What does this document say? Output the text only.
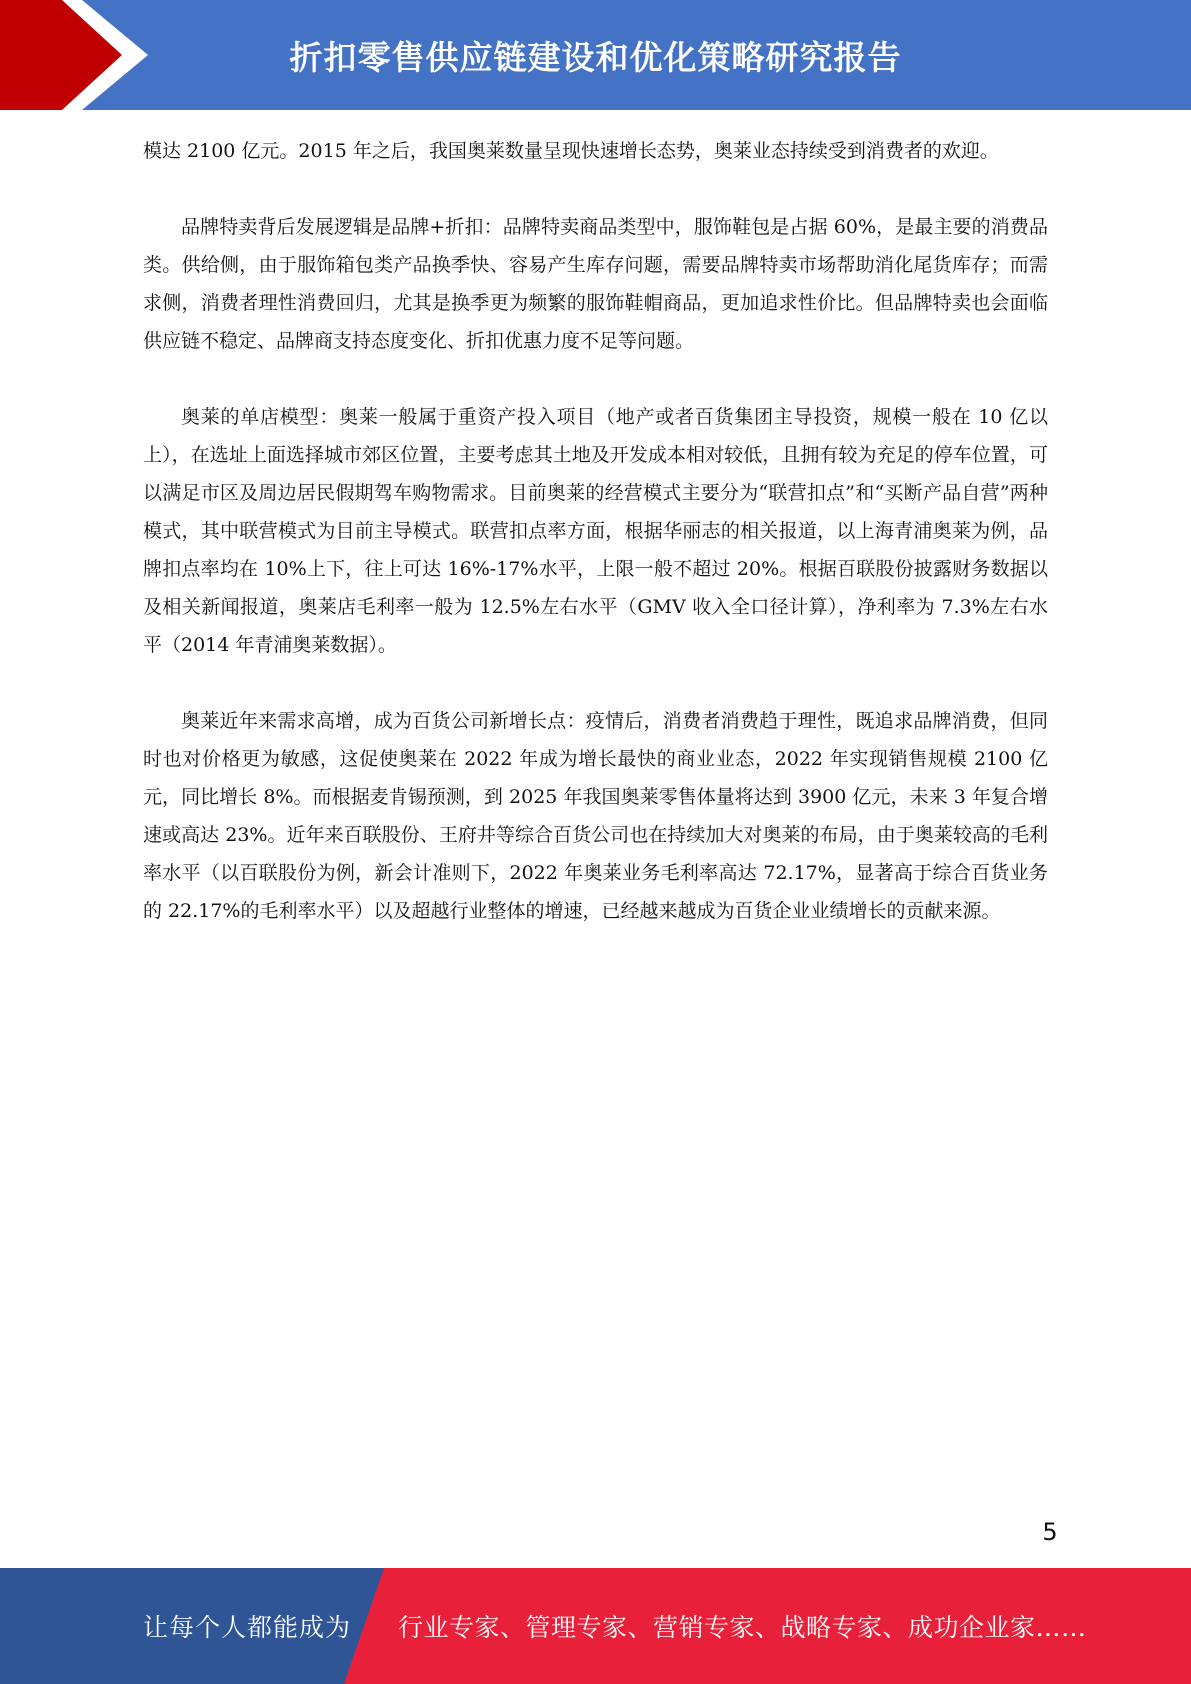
折扣零售供应链建设和优化策略研究报告

模达 2100 亿元。2015 年之后，我国奥莱数量呈现快速增长态势，奥莱业态持续受到消费者的欢迎。

品牌特卖背后发展逻辑是品牌+折扣：品牌特卖商品类型中，服饰鞋包是占据 60%，是最主要的消费品类。供给侧，由于服饰箱包类产品换季快、容易产生库存问题，需要品牌特卖市场帮助消化尾货库存；而需求侧，消费者理性消费回归，尤其是换季更为频繁的服饰鞋帽商品，更加追求性价比。但品牌特卖也会面临供应链不稳定、品牌商支持态度变化、折扣优惠力度不足等问题。

奥莱的单店模型：奥莱一般属于重资产投入项目（地产或者百货集团主导投资，规模一般在 10 亿以上），在选址上面选择城市郊区位置，主要考虑其土地及开发成本相对较低，且拥有较为充足的停车位置，可以满足市区及周边居民假期驾车购物需求。目前奥莱的经营模式主要分为“联营扣点”和“买断产品自营”两种模式，其中联营模式为目前主导模式。联营扣点率方面，根据华丽志的相关报道，以上海青浦奥莱为例，品牌扣点率均在 10%上下，往上可达 16%-17%水平，上限一般不超过 20%。根据百联股份披露财务数据以及相关新闻报道，奥莱店毛利率一般为 12.5%左右水平（GMV 收入全口径计算），净利率为 7.3%左右水平（2014 年青浦奥莱数据）。

奥莱近年来需求高增，成为百货公司新增长点：疫情后，消费者消费趋于理性，既追求品牌消费，但同时也对价格更为敏感，这促使奥莱在 2022 年成为增长最快的商业业态，2022 年实现销售规模 2100 亿元，同比增长 8%。而根据麦肯锡预测，到 2025 年我国奥莱零售体量将达到 3900 亿元，未来 3 年复合增速或高达 23%。近年来百联股份、王府井等综合百货公司也在持续加大对奥莱的布局，由于奥莱较高的毛利率水平（以百联股份为例，新会计准则下，2022 年奥莱业务毛利率高达 72.17%，显著高于综合百货业务的 22.17%的毛利率水平）以及超越行业整体的增速，已经越来越成为百货企业业绩增长的贡献来源。

5
让每个人都能成为 行业专家、管理专家、营销专家、战略专家、成功企业家……
